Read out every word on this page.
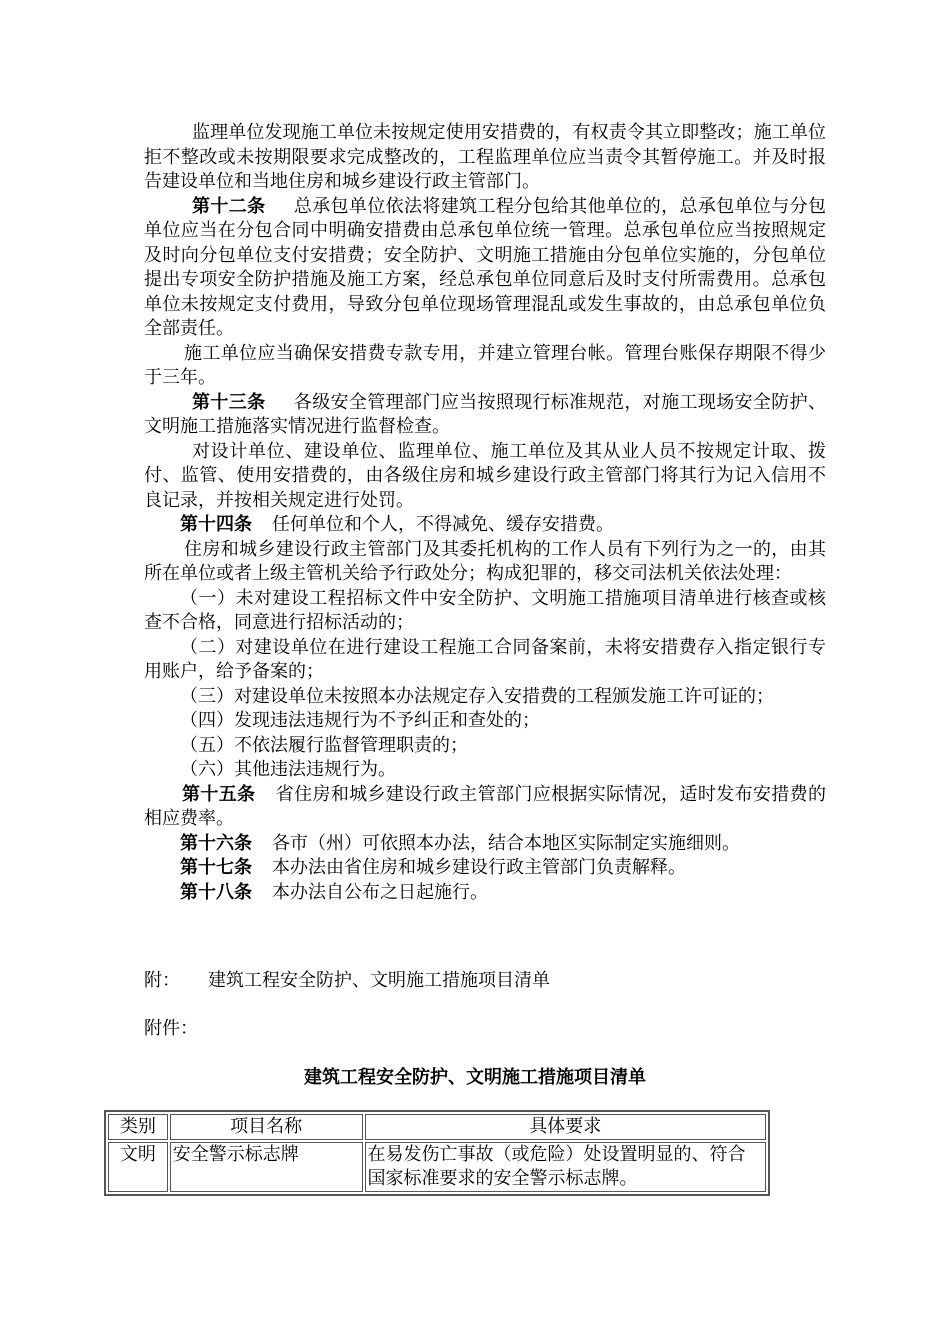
监理单位发现施工单位未按规定使用安措费的，有权责令其立即整改；施工单位拒不整改或未按期限要求完成整改的，工程监理单位应当责令其暂停施工。并及时报告建设单位和当地住房和城乡建设行政主管部门。

第十二条 总承包单位依法将建筑工程分包给其他单位的，总承包单位与分包单位应当在分包合同中明确安措费由总承包单位统一管理。总承包单位应当按照规定及时向分包单位支付安措费；安全防护、文明施工措施由分包单位实施的，分包单位提出专项安全防护措施及施工方案，经总承包单位同意后及时支付所需费用。总承包单位未按规定支付费用，导致分包单位现场管理混乱或发生事故的，由总承包单位负全部责任。

施工单位应当确保安措费专款专用，并建立管理台帐。管理台账保存期限不得少于三年。

第十三条 各级安全管理部门应当按照现行标准规范，对施工现场安全防护、文明施工措施落实情况进行监督检查。

对设计单位、建设单位、监理单位、施工单位及其从业人员不按规定计取、拨付、监管、使用安措费的，由各级住房和城乡建设行政主管部门将其行为记入信用不良记录，并按相关规定进行处罚。

第十四条 任何单位和个人，不得减免、缓存安措费。

住房和城乡建设行政主管部门及其委托机构的工作人员有下列行为之一的，由其所在单位或者上级主管机关给予行政处分；构成犯罪的，移交司法机关依法处理：

（一）未对建设工程招标文件中安全防护、文明施工措施项目清单进行核查或核查不合格，同意进行招标活动的；

（二）对建设单位在进行建设工程施工合同备案前，未将安措费存入指定银行专用账户，给予备案的；

（三）对建设单位未按照本办法规定存入安措费的工程颁发施工许可证的；

（四）发现违法违规行为不予纠正和查处的；

（五）不依法履行监督管理职责的；

（六）其他违法违规行为。

第十五条 省住房和城乡建设行政主管部门应根据实际情况，适时发布安措费的相应费率。

第十六条 各市（州）可依照本办法，结合本地区实际制定实施细则。

第十七条 本办法由省住房和城乡建设行政主管部门负责解释。

第十八条 本办法自公布之日起施行。

附： 建筑工程安全防护、文明施工措施项目清单
附件：
建筑工程安全防护、文明施工措施项目清单
类别	项目名称	具体要求
文明	安全警示标志牌	在易发伤亡事故（或危险）处设置明显的、符合国家标准要求的安全警示标志牌。
